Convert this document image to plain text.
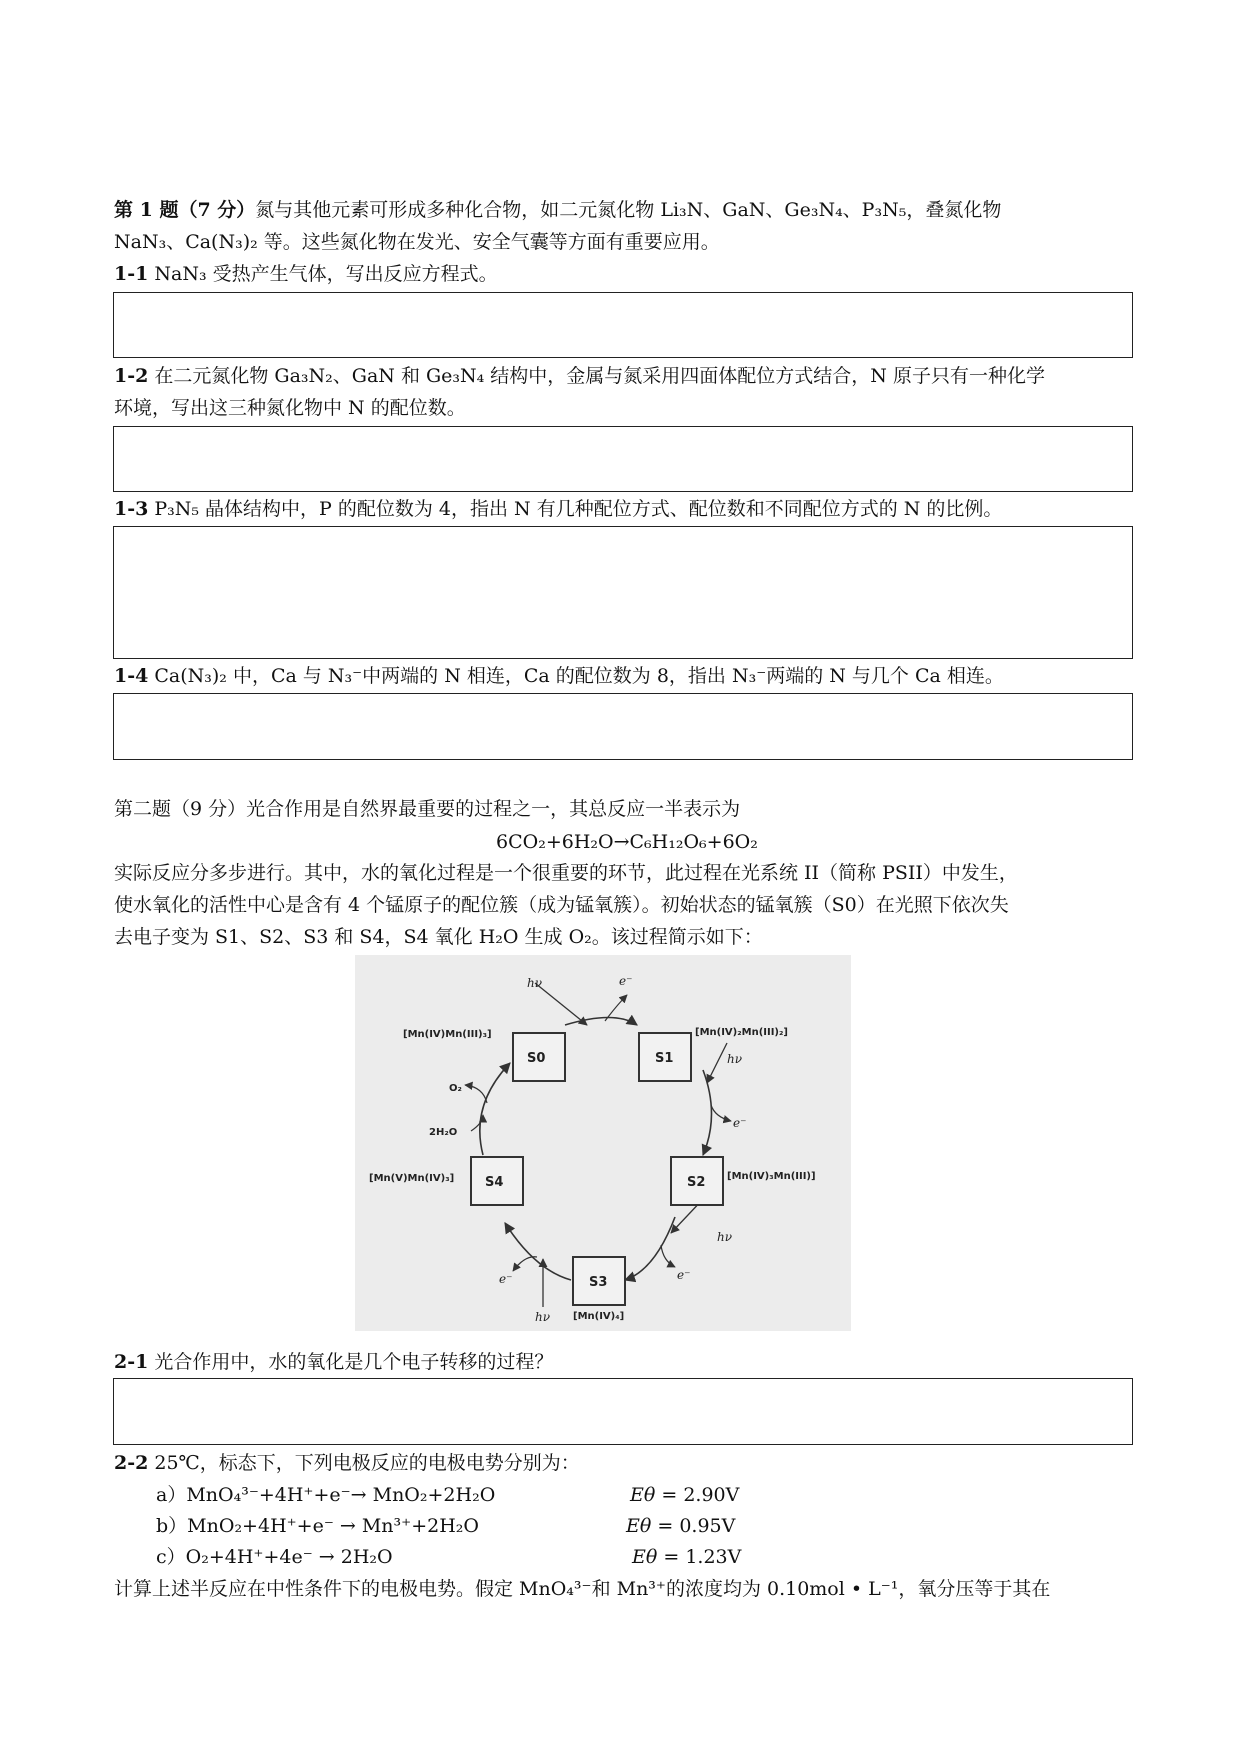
第 1 题（7 分）氮与其他元素可形成多种化合物，如二元氮化物 Li₃N、GaN、Ge₃N₄、P₃N₅，叠氮化物
NaN₃、Ca(N₃)₂ 等。这些氮化物在发光、安全气囊等方面有重要应用。
1-1 NaN₃ 受热产生气体，写出反应方程式。
1-2 在二元氮化物 Ga₃N₂、GaN 和 Ge₃N₄ 结构中，金属与氮采用四面体配位方式结合，N 原子只有一种化学
环境，写出这三种氮化物中 N 的配位数。
1-3 P₃N₅ 晶体结构中，P 的配位数为 4，指出 N 有几种配位方式、配位数和不同配位方式的 N 的比例。
1-4 Ca(N₃)₂ 中，Ca 与 N₃⁻中两端的 N 相连，Ca 的配位数为 8，指出 N₃⁻两端的 N 与几个 Ca 相连。
第二题（9 分）光合作用是自然界最重要的过程之一，其总反应一半表示为
6CO₂+6H₂O→C₆H₁₂O₆+6O₂
实际反应分多步进行。其中，水的氧化过程是一个很重要的环节，此过程在光系统 II（简称 PSII）中发生，
使水氧化的活性中心是含有 4 个锰原子的配位簇（成为锰氧簇）。初始状态的锰氧簇（S0）在光照下依次失
去电子变为 S1、S2、S3 和 S4，S4 氧化 H₂O 生成 O₂。该过程简示如下：
S0	S1
S2
S3
S4
[Mn(IV)Mn(III)₃]	[Mn(IV)₂Mn(III)₂]
[Mn(IV)₃Mn(III)]
[Mn(IV)₄]
[Mn(V)Mn(IV)₃]
O₂
2H₂O
hν	e⁻
hν
e⁻
hν
e⁻
hν
e⁻
2-1 光合作用中，水的氧化是几个电子转移的过程？
2-2 25℃，标态下，下列电极反应的电极电势分别为：
a）MnO₄³⁻+4H⁺+e⁻→ MnO₂+2H₂O	Eθ = 2.90V
b）MnO₂+4H⁺+e⁻ → Mn³⁺+2H₂O	Eθ = 0.95V
c）O₂+4H⁺+4e⁻ → 2H₂O	Eθ = 1.23V
计算上述半反应在中性条件下的电极电势。假定 MnO₄³⁻和 Mn³⁺的浓度均为 0.10mol • L⁻¹，氧分压等于其在
